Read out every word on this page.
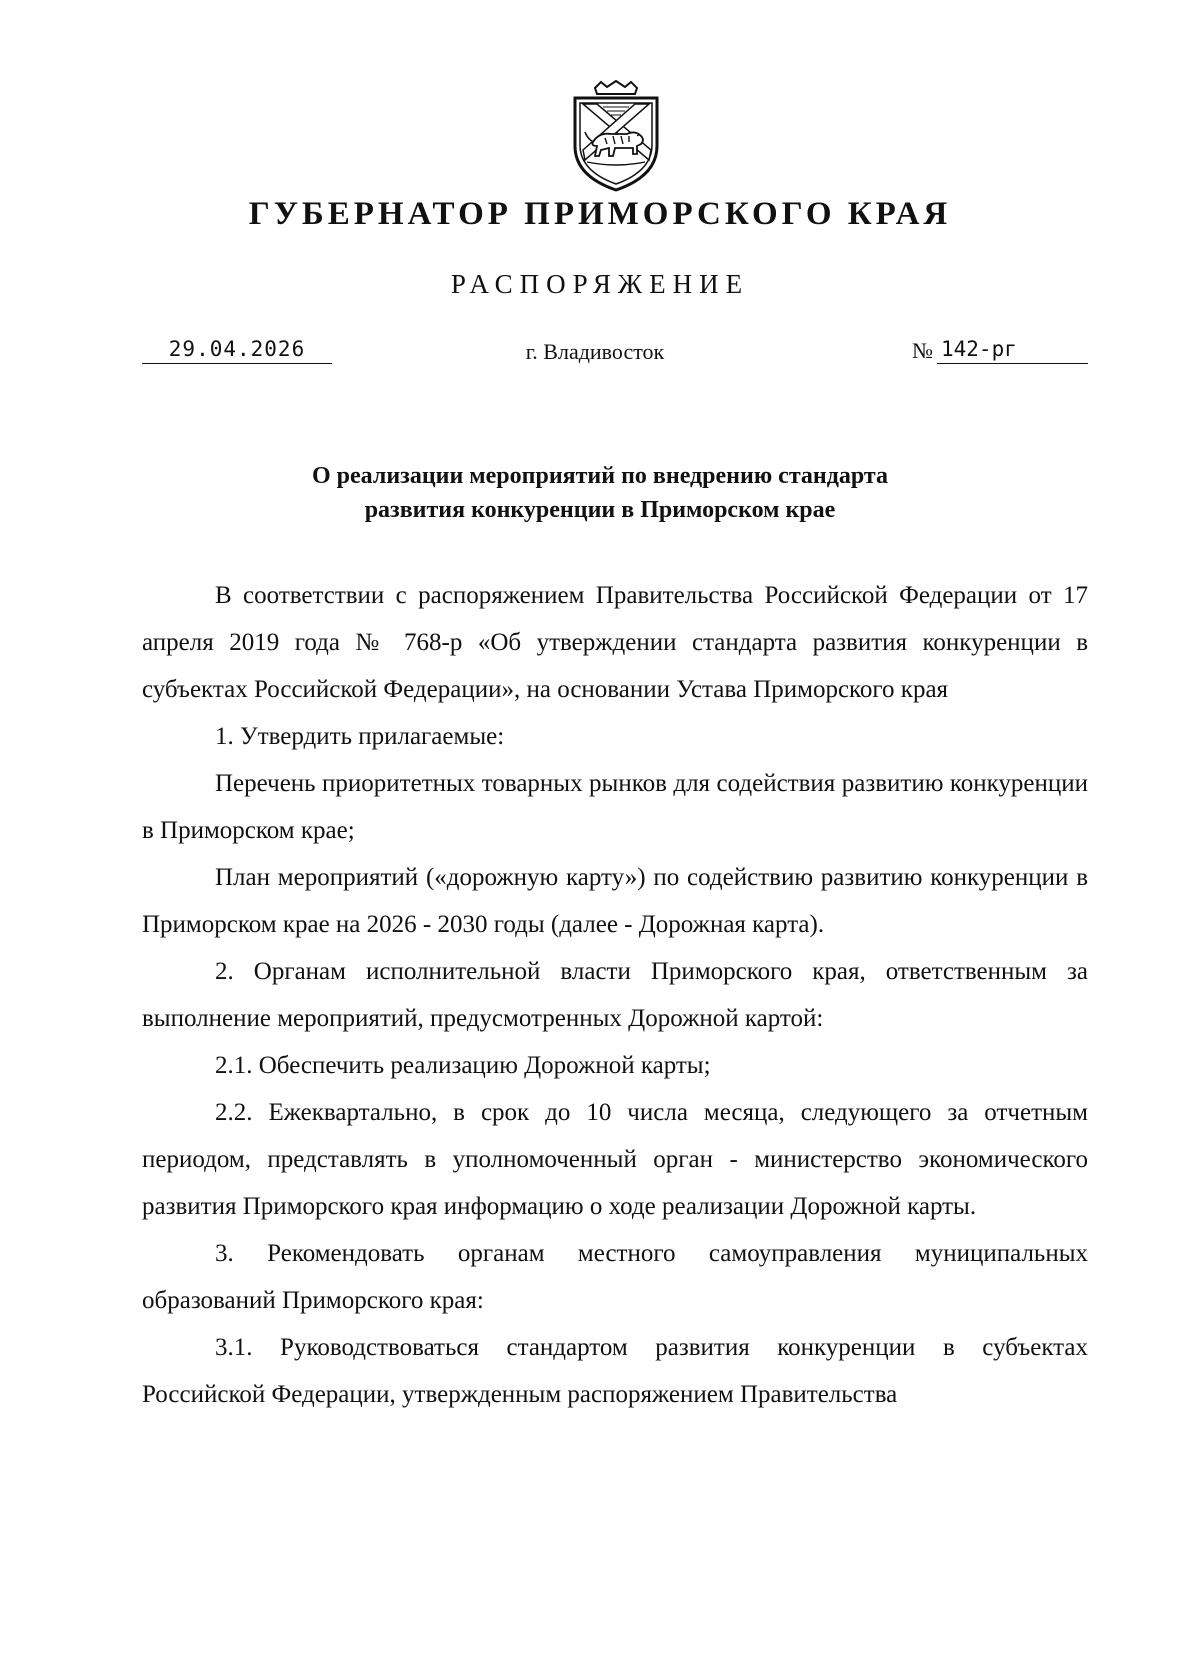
ГУБЕРНАТОР ПРИМОРСКОГО КРАЯ
РАСПОРЯЖЕНИЕ
29.04.2026	г. Владивосток	№ 142-рг
О реализации мероприятий по внедрению стандарта
развития конкуренции в Приморском крае

В соответствии с распоряжением Правительства Российской Федерации от 17 апреля 2019 года № 768-р «Об утверждении стандарта развития конкуренции в субъектах Российской Федерации», на основании Устава Приморского края

1. Утвердить прилагаемые:

Перечень приоритетных товарных рынков для содействия развитию конкуренции в Приморском крае;

План мероприятий («дорожную карту») по содействию развитию конкуренции в Приморском крае на 2026 - 2030 годы (далее - Дорожная карта).

2. Органам исполнительной власти Приморского края, ответственным за выполнение мероприятий, предусмотренных Дорожной картой:

2.1. Обеспечить реализацию Дорожной карты;

2.2. Ежеквартально, в срок до 10 числа месяца, следующего за отчетным периодом, представлять в уполномоченный орган - министерство экономического развития Приморского края информацию о ходе реализации Дорожной карты.

3. Рекомендовать органам местного самоуправления муниципальных образований Приморского края:

3.1. Руководствоваться стандартом развития конкуренции в субъектах Российской Федерации, утвержденным распоряжением Правительства
